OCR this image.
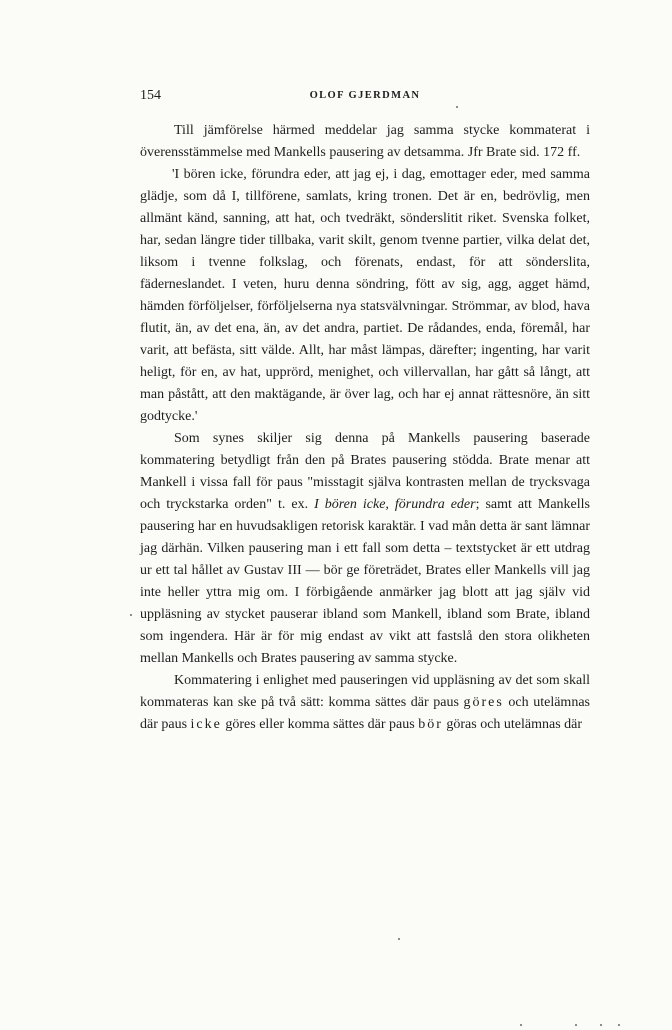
154	OLOF GJERDMAN

Till jämförelse härmed meddelar jag samma stycke kommaterat i överensstämmelse med Mankells pausering av detsamma. Jfr Brate sid. 172 ff.

'I bören icke, förundra eder, att jag ej, i dag, emottager eder, med samma glädje, som då I, tillförene, samlats, kring tronen. Det är en, bedrövlig, men allmänt känd, sanning, att hat, och tvedräkt, sönderslitit riket. Svenska folket, har, sedan längre tider tillbaka, varit skilt, genom tvenne partier, vilka delat det, liksom i tvenne folkslag, och förenats, endast, för att sönderslita, fäderneslandet. I veten, huru denna söndring, fött av sig, agg, agget hämd, hämden förföljelser, förföljelserna nya statsvälvningar. Strömmar, av blod, hava flutit, än, av det ena, än, av det andra, partiet. De rådandes, enda, föremål, har varit, att befästa, sitt välde. Allt, har måst lämpas, därefter; ingenting, har varit heligt, för en, av hat, upprörd, menighet, och villervallan, har gått så långt, att man påstått, att den maktägande, är över lag, och har ej annat rättesnöre, än sitt godtycke.'

Som synes skiljer sig denna på Mankells pausering baserade kommatering betydligt från den på Brates pausering stödda. Brate menar att Mankell i vissa fall för paus "misstagit själva kontrasten mellan de trycksvaga och tryckstarka orden" t. ex. I bören icke, förundra eder; samt att Mankells pausering har en huvudsakligen retorisk karaktär. I vad mån detta är sant lämnar jag därhän. Vilken pausering man i ett fall som detta – textstycket är ett utdrag ur ett tal hållet av Gustav III — bör ge företrädet, Brates eller Mankells vill jag inte heller yttra mig om. I förbigående anmärker jag blott att jag själv vid uppläsning av stycket pauserar ibland som Mankell, ibland som Brate, ibland som ingendera. Här är för mig endast av vikt att fastslå den stora olikheten mellan Mankells och Brates pausering av samma stycke.

Kommatering i enlighet med pauseringen vid uppläsning av det som skall kommateras kan ske på två sätt: komma sättes där paus göres och utelämnas där paus icke göres eller komma sättes där paus bör göras och utelämnas där
